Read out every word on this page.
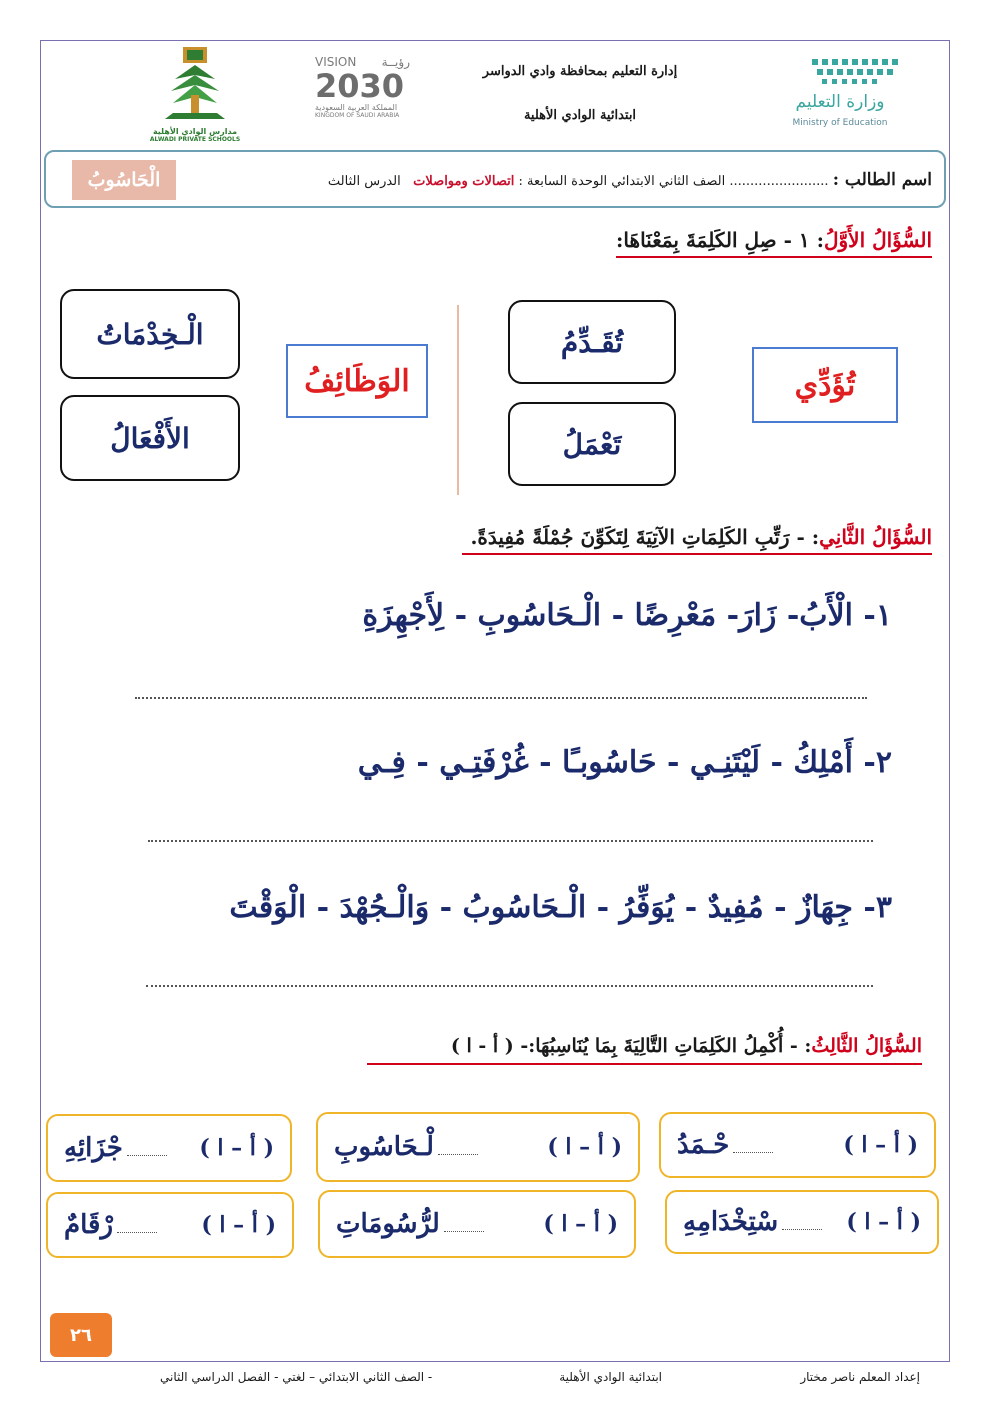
وزارة التعليم
Ministry of Education
إدارة التعليم بمحافظة وادي الدواسر
ابتدائية الوادي الأهلية
VISION رؤيــة
2030
المملكة العربية السعودية
KINGDOM OF SAUDI ARABIA
مدارس الوادي الأهلية
ALWADI PRIVATE SCHOOLS
اسم الطالب : ........................ الصف الثاني الابتدائي الوحدة السابعة : اتصالات ومواصلات   الدرس الثالث
الْحَاسُوبُ
السُّؤَالُ الأَوَّلُ: ١ - صِلِ الكَلِمَةَ بِمَعْنَاهَا:
تُؤَدِّي
تُقَـدِّمُ
تَعْمَلُ
الوَظَائِفُ
الْـخِدْمَاتُ
الأَفْعَالُ
السُّؤَالُ الثَّانِي: - رَتِّبِ الكَلِمَاتِ الآتِيَةَ لِتَكَوِّنَ جُمْلَةً مُفِيدَةً.
١- الْأَبُ- زَارَ- مَعْرِضًا - الْـحَاسُوبِ - لِأَجْهِزَةِ
٢- أَمْلِكُ - لَيْتَنِـي - حَاسُوبـًا - غُرْفَتِـي - فِـي
٣- جِهَازٌ - مُفِيدٌ - يُوَفِّرُ - الْـحَاسُوبُ - وَالْـجُهْدَ - الْوَقْتَ
السُّؤَالُ الثَّالِثُ: - أُكْمِلُ الكَلِمَاتِ التَّالِيَةَ بِمَا يُنَاسِبُهَا:- ( أ - ا )
( أ – ا )
حْـمَدُ
( أ – ا )
لْـحَاسُوبِ
( أ – ا )
جْزَائِهِ
( أ – ا )
سْتِخْدَامِهِ
( أ – ا )
لرُّسُومَاتِ
( أ – ا )
رْقَامٌ
٢٦
إعداد المعلم ناصر مختار
ابتدائية الوادي الأهلية
- الصف الثاني الابتدائي – لغتي - الفصل الدراسي الثاني
